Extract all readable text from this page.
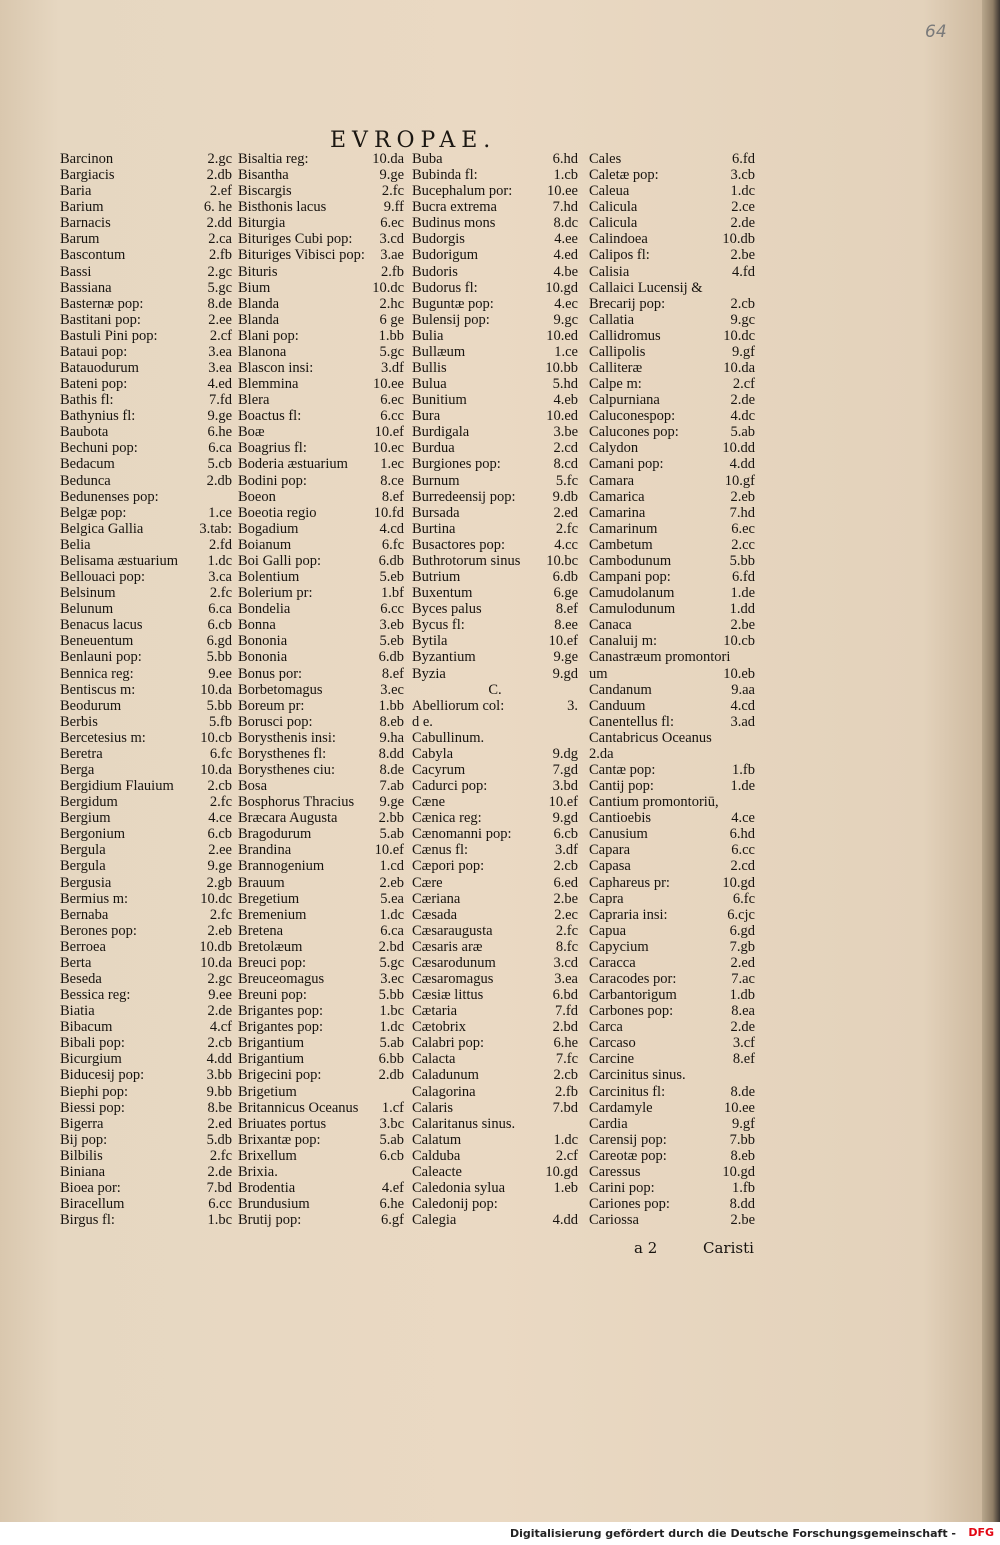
64
EVROPAE.
Barcinon	2.gc
Bargiacis	2.db
Baria	2.ef
Barium	6. he
Barnacis	2.dd
Barum	2.ca
Bascontum	2.fb
Bassi	2.gc
Bassiana	5.gc
Basternæ pop:	8.de
Bastitani pop:	2.ee
Bastuli Pini pop:	2.cf
Bataui pop:	3.ea
Batauodurum	3.ea
Bateni pop:	4.ed
Bathis fl:	7.fd
Bathynius fl:	9.ge
Baubota	6.he
Bechuni pop:	6.ca
Bedacum	5.cb
Bedunca	2.db
Bedunenses pop:
Belgæ pop:	1.ce
Belgica Gallia	3.tab:
Belia	2.fd
Belisama æstuarium 1.dc
Bellouaci pop:	3.ca
Belsinum	2.fc
Belunum	6.ca
Benacus lacus	6.cb
Beneuentum	6.gd
Benlauni pop:	5.bb
Bennica reg:	9.ee
Bentiscus m:	10.da
Beodurum	5.bb
Berbis	5.fb
Bercetesius m:	10.cb
Beretra	6.fc
Berga	10.da
Bergidium Flauium 2.cb
Bergidum	2.fc
Bergium	4.ce
Bergonium	6.cb
Bergula	2.ee
Bergula	9.ge
Bergusia	2.gb
Bermius m:	10.dc
Bernaba	2.fc
Berones pop:	2.eb
Berroea	10.db
Berta	10.da
Beseda	2.gc
Bessica reg:	9.ee
Biatia	2.de
Bibacum	4.cf
Bibali pop:	2.cb
Bicurgium	4.dd
Biducesij pop:	3.bb
Biephi pop:	9.bb
Biessi pop:	8.be
Bigerra	2.ed
Bij pop:	5.db
Bilbilis	2.fc
Biniana	2.de
Bioea por:	7.bd
Biracellum	6.cc
Birgus fl:	1.bc
Bisaltia reg:	10.da
Bisantha	9.ge
Biscargis	2.fc
Bisthonis lacus	9.ff
Biturgia	6.ec
Bituriges Cubi pop: 3.cd
Bituriges Vibisci pop: 3.ae
Bituris	2.fb
Bium	10.dc
Blanda	2.hc
Blanda	6 ge
Blani pop:	1.bb
Blanona	5.gc
Blascon insi:	3.df
Blemmina	10.ee
Blera	6.ec
Boactus fl:	6.cc
Boæ	10.ef
Boagrius fl:	10.ec
Boderia æstuarium 1.ec
Bodini pop:	8.ce
Boeon	8.ef
Boeotia regio	10.fd
Bogadium	4.cd
Boianum	6.fc
Boi Galli pop:	6.db
Bolentium	5.eb
Bolerium pr:	1.bf
Bondelia	6.cc
Bonna	3.eb
Bononia	5.eb
Bononia	6.db
Bonus por:	8.ef
Borbetomagus	3.ec
Boreum pr:	1.bb
Borusci pop:	8.eb
Borysthenis insi:	9.ha
Borysthenes fl:	8.dd
Borysthenes ciu:	8.de
Bosa	7.ab
Bosphorus Thracius 9.ge
Bræcara Augusta	2.bb
Bragodurum	5.ab
Brandina	10.ef
Brannogenium	1.cd
Brauum	2.eb
Bregetium	5.ea
Bremenium	1.dc
Bretena	6.ca
Bretolæum	2.bd
Breuci pop:	5.gc
Breuceomagus	3.ec
Breuni pop:	5.bb
Brigantes pop:	1.bc
Brigantes pop:	1.dc
Brigantium	5.ab
Brigantium	6.bb
Brigecini pop:	2.db
Brigetium
Britannicus Oceanus 1.cf
Briuates portus	3.bc
Brixantæ pop:	5.ab
Brixellum	6.cb
Brixia.
Brodentia	4.ef
Brundusium	6.he
Brutij pop:	6.gf
Buba	6.hd
Bubinda fl:	1.cb
Bucephalum por: 10.ee
Bucra extrema	7.hd
Budinus mons	8.dc
Budorgis	4.ee
Budorigum	4.ed
Budoris	4.be
Budorus fl:	10.gd
Buguntæ pop:	4.ec
Bulensij pop:	9.gc
Bulia	10.ed
Bullæum	1.ce
Bullis	10.bb
Bulua	5.hd
Bunitium	4.eb
Bura	10.ed
Burdigala	3.be
Burdua	2.cd
Burgiones pop:	8.cd
Burnum	5.fc
Burredeensij pop:	9.db
Bursada	2.ed
Burtina	2.fc
Busactores pop:	4.cc
Buthrotorum sinus 10.bc
Butrium	6.db
Buxentum	6.ge
Byces palus	8.ef
Bycus fl:	8.ee
Bytila	10.ef
Byzantium	9.ge
Byzia	9.gd
C.
Abelliorum col:	3.
d e.
Cabullinum.
Cabyla	9.dg
Cacyrum	7.gd
Cadurci pop:	3.bd
Cæne	10.ef
Cænica reg:	9.gd
Cænomanni pop:	6.cb
Cænus fl:	3.df
Cæpori pop:	2.cb
Cære	6.ed
Cæriana	2.be
Cæsada	2.ec
Cæsaraugusta	2.fc
Cæsaris aræ	8.fc
Cæsarodunum	3.cd
Cæsaromagus	3.ea
Cæsiæ littus	6.bd
Cætaria	7.fd
Cætobrix	2.bd
Calabri pop:	6.he
Calacta	7.fc
Caladunum	2.cb
Calagorina	2.fb
Calaris	7.bd
Calaritanus sinus.
Calatum	1.dc
Calduba	2.cf
Caleacte	10.gd
Caledonia sylua	1.eb
Caledonij pop:
Calegia	4.dd
Cales	6.fd
Caletæ pop:	3.cb
Caleua	1.dc
Calicula	2.ce
Calicula	2.de
Calindoea	10.db
Calipos fl:	2.be
Calisia	4.fd
Callaici Lucensij &
Brecarij pop:	2.cb
Callatia	9.gc
Callidromus	10.dc
Callipolis	9.gf
Calliteræ	10.da
Calpe m:	2.cf
Calpurniana	2.de
Caluconespop:	4.dc
Calucones pop:	5.ab
Calydon	10.dd
Camani pop:	4.dd
Camara	10.gf
Camarica	2.eb
Camarina	7.hd
Camarinum	6.ec
Cambetum	2.cc
Cambodunum	5.bb
Campani pop:	6.fd
Camudolanum	1.de
Camulodunum	1.dd
Canaca	2.be
Canaluij m:	10.cb
Canastræum promontori
um	10.eb
Candanum	9.aa
Canduum	4.cd
Canentellus fl:	3.ad
Cantabricus Oceanus
2.da
Cantæ pop:	1.fb
Cantij pop:	1.de
Cantium promontoriū,
Cantioebis	4.ce
Canusium	6.hd
Capara	6.cc
Capasa	2.cd
Caphareus pr:	10.gd
Capra	6.fc
Capraria insi:	6.cjc
Capua	6.gd
Capycium	7.gb
Caracca	2.ed
Caracodes por:	7.ac
Carbantorigum	1.db
Carbones pop:	8.ea
Carca	2.de
Carcaso	3.cf
Carcine	8.ef
Carcinitus sinus.
Carcinitus fl:	8.de
Cardamyle	10.ee
Cardia	9.gf
Carensij pop:	7.bb
Careotæ pop:	8.eb
Caressus	10.gd
Carini pop:	1.fb
Cariones pop:	8.dd
Cariossa	2.be
a 2	Caristi
Digitalisierung gefördert durch die Deutsche Forschungsgemeinschaft - DFG
